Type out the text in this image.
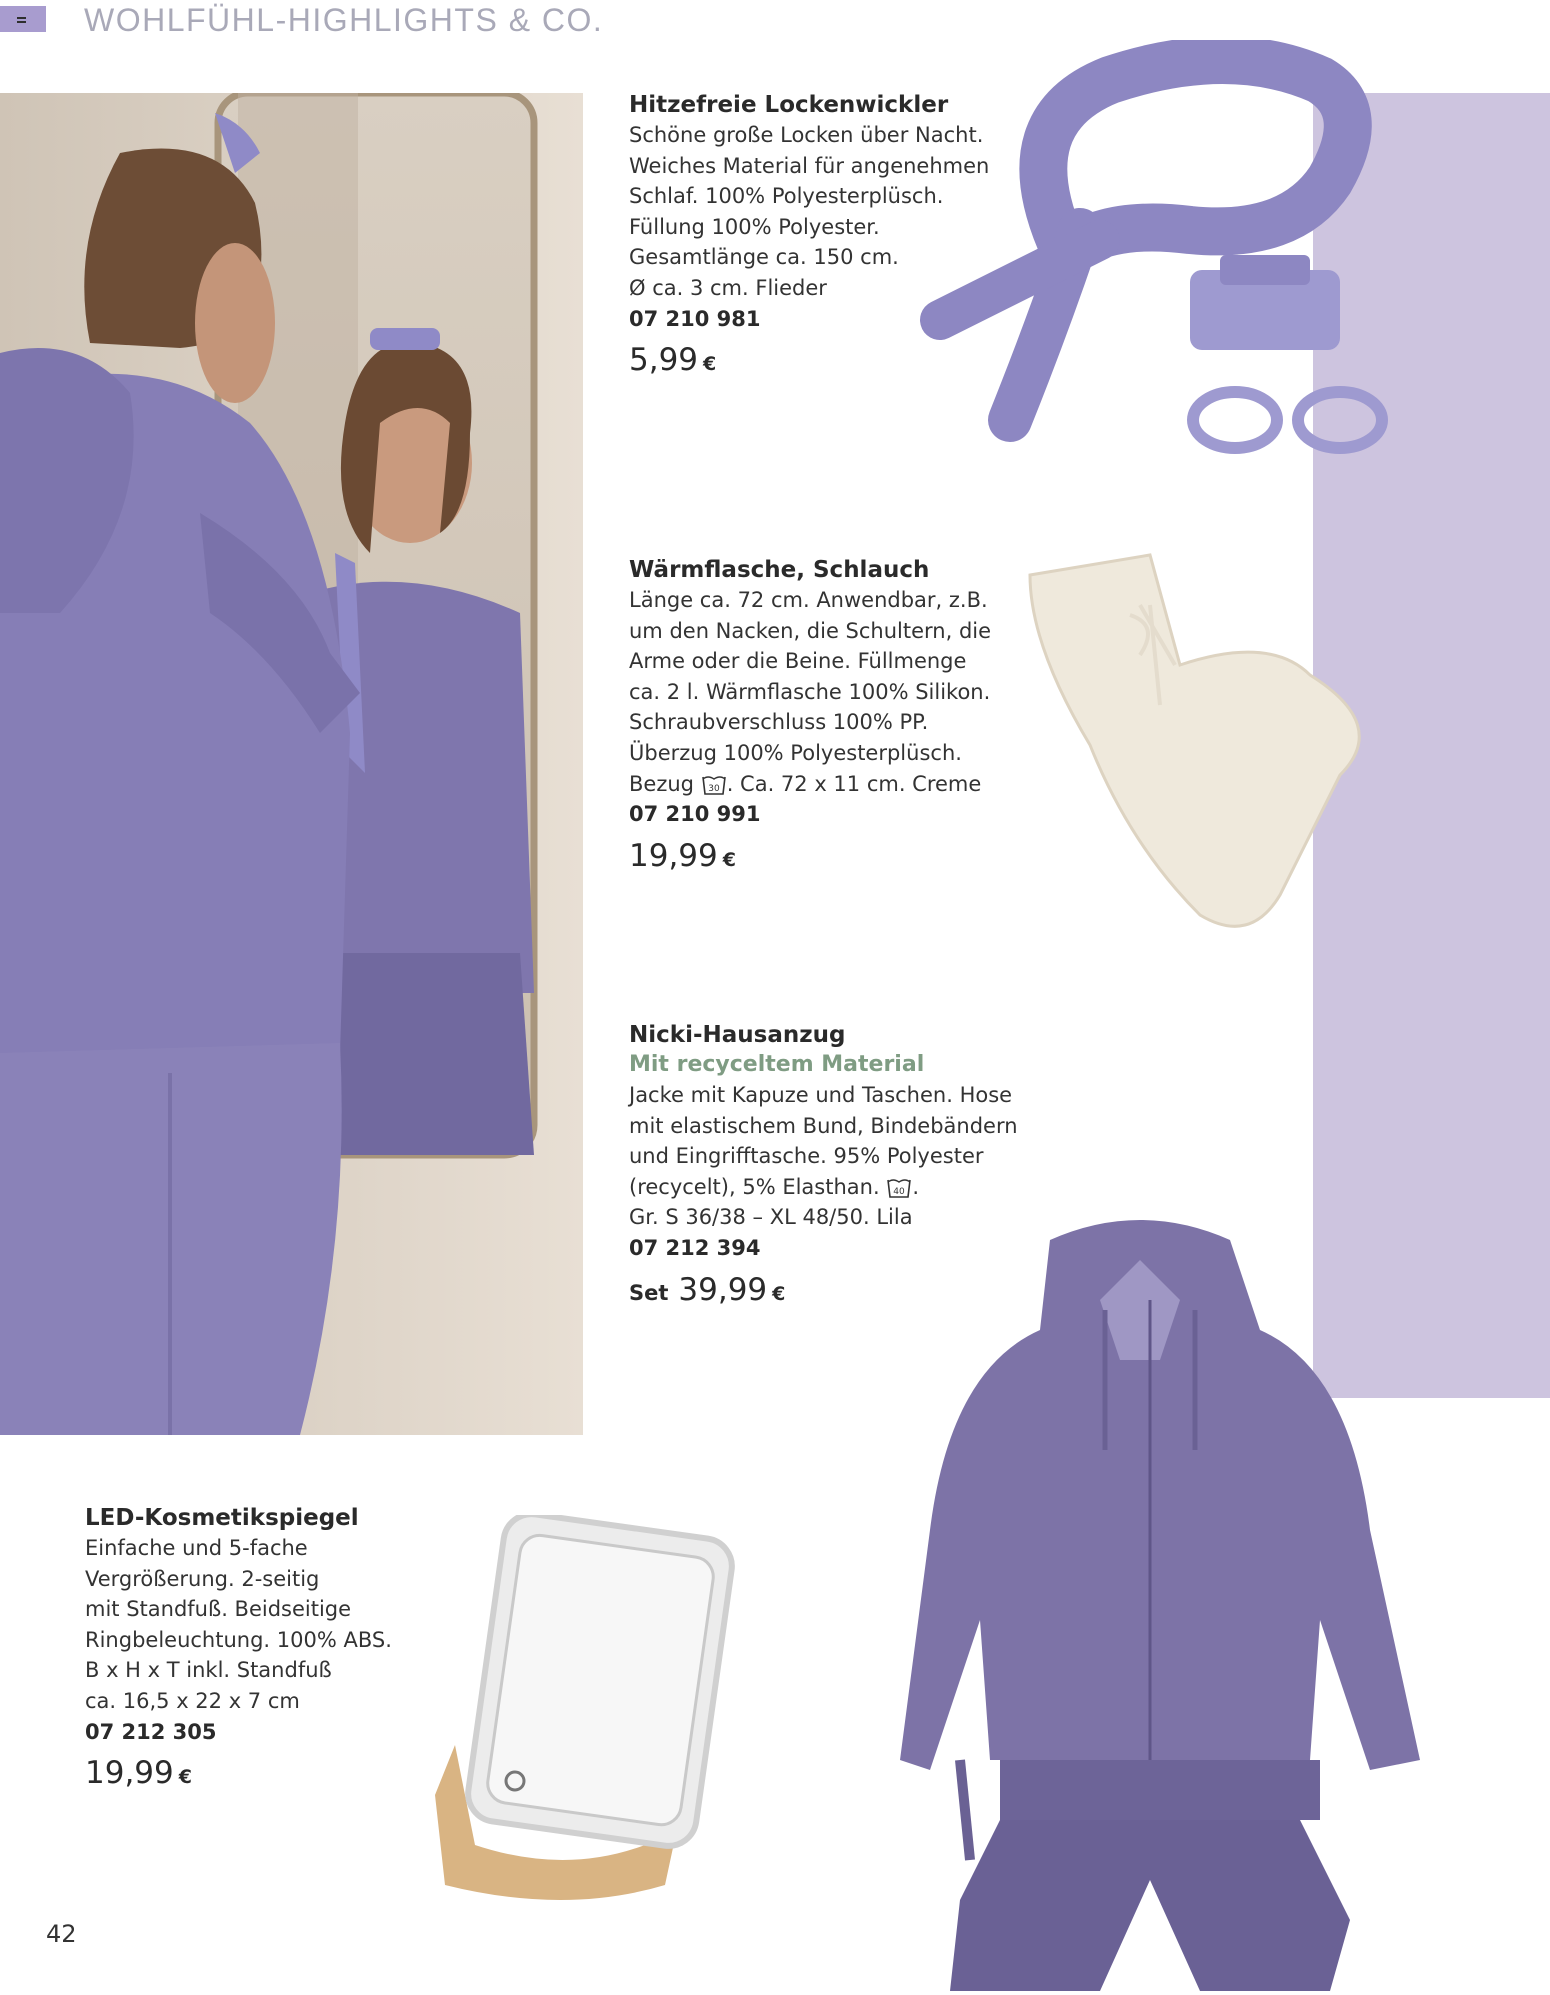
WOHLFÜHL-HIGHLIGHTS & CO.
Hitzefreie Lockenwickler
Schöne große Locken über Nacht.
Weiches Material für angenehmen
Schlaf. 100% Polyesterplüsch.
Füllung 100% Polyester.
Gesamtlänge ca. 150 cm.
Ø ca. 3 cm. Flieder
07 210 981
5,99 €
Wärmflasche, Schlauch
Länge ca. 72 cm. Anwendbar, z.B.
um den Nacken, die Schultern, die
Arme oder die Beine. Füllmenge
ca. 2 l. Wärmflasche 100% Silikon.
Schraubverschluss 100% PP.
Überzug 100% Polyesterplüsch.
Bezug 30 . Ca. 72 x 11 cm. Creme
07 210 991
19,99 €
Nicki-Hausanzug
Mit recyceltem Material
Jacke mit Kapuze und Taschen. Hose
mit elastischem Bund, Bindebändern
und Eingrifftasche. 95% Polyester
(recycelt), 5% Elasthan. 40 .
Gr. S 36/38 – XL 48/50. Lila
07 212 394
Set 39,99 €
LED-Kosmetikspiegel
Einfache und 5-fache
Vergrößerung. 2-seitig
mit Standfuß. Beidseitige
Ringbeleuchtung. 100% ABS.
B x H x T inkl. Standfuß
ca. 16,5 x 22 x 7 cm
07 212 305
19,99 €
42
